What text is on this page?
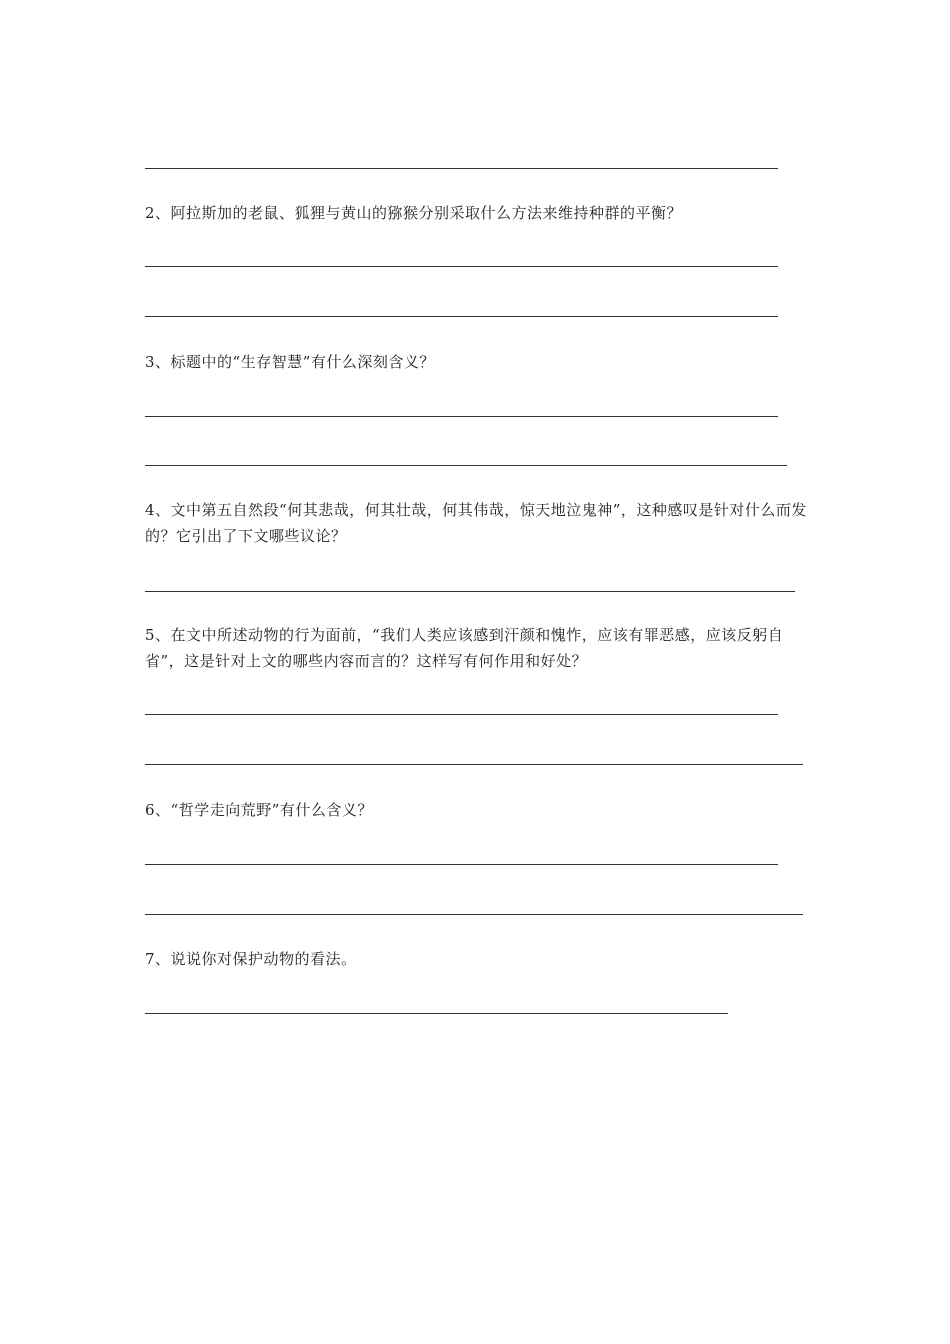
2、阿拉斯加的老鼠、狐狸与黄山的猕猴分别采取什么方法来维持种群的平衡？
3、标题中的“生存智慧”有什么深刻含义？
4、文中第五自然段“何其悲哉，何其壮哉，何其伟哉，惊天地泣鬼神”，这种感叹是针对什么而发的？它引出了下文哪些议论？
5、在文中所述动物的行为面前，“我们人类应该感到汗颜和愧怍，应该有罪恶感，应该反躬自省”，这是针对上文的哪些内容而言的？这样写有何作用和好处？
6、“哲学走向荒野”有什么含义？
7、说说你对保护动物的看法。
